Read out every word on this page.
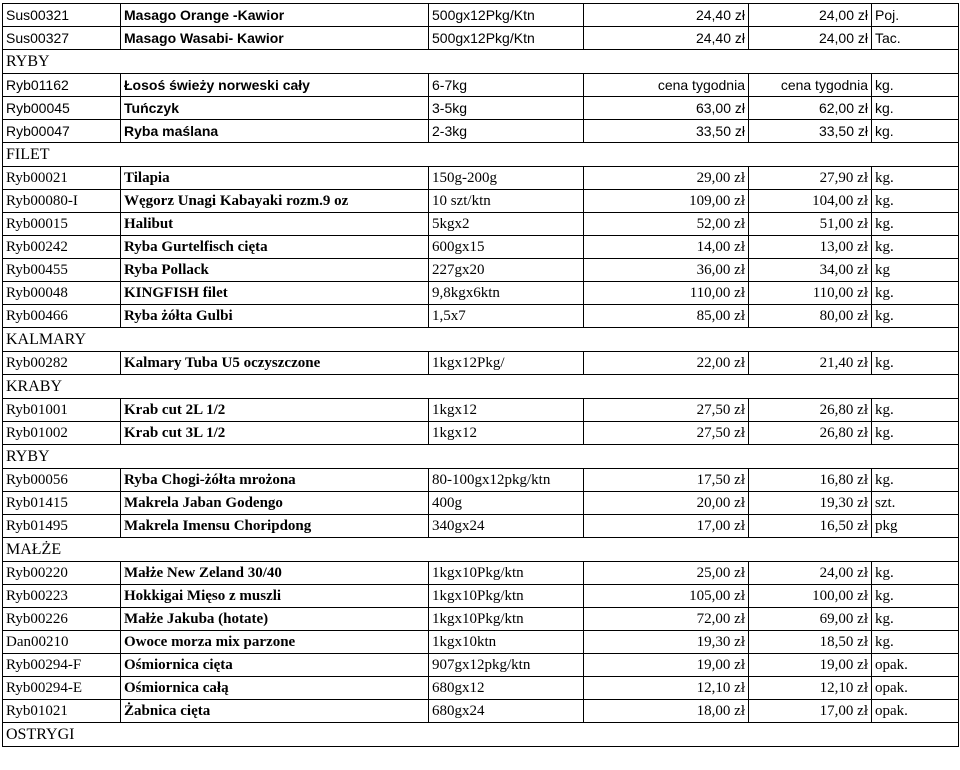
Sus00321	Masago Orange -Kawior	500gx12Pkg/Ktn	24,40 zł	24,00 zł	Poj.
Sus00327	Masago Wasabi- Kawior	500gx12Pkg/Ktn	24,40 zł	24,00 zł	Tac.
RYBY					
Ryb01162	Łosoś świeży norweski cały	6-7kg	cena tygodnia	cena tygodnia	kg.
Ryb00045	Tuńczyk	3-5kg	63,00 zł	62,00 zł	kg.
Ryb00047	Ryba maślana	2-3kg	33,50 zł	33,50 zł	kg.
FILET					
Ryb00021	Tilapia	150g-200g	29,00 zł	27,90 zł	kg.
Ryb00080-I	Węgorz Unagi Kabayaki rozm.9 oz	10 szt/ktn	109,00 zł	104,00 zł	kg.
Ryb00015	Halibut	5kgx2	52,00 zł	51,00 zł	kg.
Ryb00242	Ryba Gurtelfisch cięta	600gx15	14,00 zł	13,00 zł	kg.
Ryb00455	Ryba Pollack	227gx20	36,00 zł	34,00 zł	kg
Ryb00048	KINGFISH filet	9,8kgx6ktn	110,00 zł	110,00 zł	kg.
Ryb00466	Ryba żółta Gulbi	1,5x7	85,00 zł	80,00 zł	kg.
KALMARY					
Ryb00282	Kalmary Tuba U5 oczyszczone	1kgx12Pkg/	22,00 zł	21,40 zł	kg.
KRABY					
Ryb01001	Krab cut 2L 1/2	1kgx12	27,50 zł	26,80 zł	kg.
Ryb01002	Krab cut 3L 1/2	1kgx12	27,50 zł	26,80 zł	kg.
RYBY					
Ryb00056	Ryba Chogi-żółta mrożona	80-100gx12pkg/ktn	17,50 zł	16,80 zł	kg.
Ryb01415	Makrela Jaban Godengo	400g	20,00 zł	19,30 zł	szt.
Ryb01495	Makrela Imensu Choripdong	340gx24	17,00 zł	16,50 zł	pkg
MAŁŻE					
Ryb00220	Małże New Zeland 30/40	1kgx10Pkg/ktn	25,00 zł	24,00 zł	kg.
Ryb00223	Hokkigai Mięso z muszli	1kgx10Pkg/ktn	105,00 zł	100,00 zł	kg.
Ryb00226	Małże Jakuba (hotate)	1kgx10Pkg/ktn	72,00 zł	69,00 zł	kg.
Dan00210	Owoce morza mix parzone	1kgx10ktn	19,30 zł	18,50 zł	kg.
Ryb00294-F	Ośmiornica cięta	907gx12pkg/ktn	19,00 zł	19,00 zł	opak.
Ryb00294-E	Ośmiornica całą	680gx12	12,10 zł	12,10 zł	opak.
Ryb01021	Żabnica cięta	680gx24	18,00 zł	17,00 zł	opak.
OSTRYGI					
